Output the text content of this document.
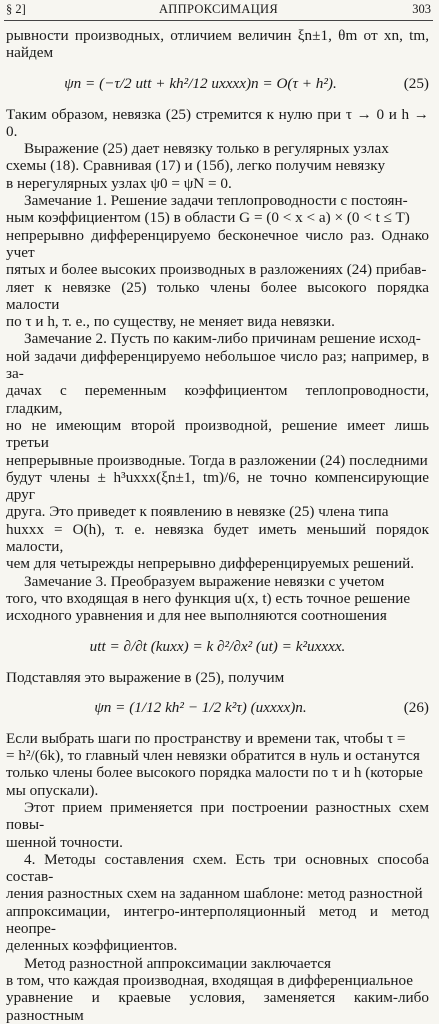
§ 2]	АППРОКСИМАЦИЯ	303

рывности производных, отличием величин ξn±1, θm от xn, tm, найдем

ψn = (−τ/2 utt + kh²/12 uxxxx)n = O(τ + h²).	(25)

Таким образом, невязка (25) стремится к нулю при τ → 0 и h → 0.

Выражение (25) дает невязку только в регулярных узлах

схемы (18). Сравнивая (17) и (15б), легко получим невязку

в нерегулярных узлах ψ0 = ψN = 0.

Замечание 1. Решение задачи теплопроводности с постоян-

ным коэффициентом (15) в области G = (0 < x < a) × (0 < t ≤ T)

непрерывно дифференцируемо бесконечное число раз. Однако учет

пятых и более высоких производных в разложениях (24) прибав-

ляет к невязке (25) только члены более высокого порядка малости

по τ и h, т. е., по существу, не меняет вида невязки.

Замечание 2. Пусть по каким-либо причинам решение исход-

ной задачи дифференцируемо небольшое число раз; например, в за-

дачах с переменным коэффициентом теплопроводности, гладким,

но не имеющим второй производной, решение имеет лишь третьи

непрерывные производные. Тогда в разложении (24) последними

будут члены ± h³uxxx(ξn±1, tm)/6, не точно компенсирующие друг

друга. Это приведет к появлению в невязке (25) члена типа

huxxx = O(h), т. е. невязка будет иметь меньший порядок малости,

чем для четырежды непрерывно дифференцируемых решений.

Замечание 3. Преобразуем выражение невязки с учетом

того, что входящая в него функция u(x, t) есть точное решение

исходного уравнения и для нее выполняются соотношения

utt = ∂/∂t (kuxx) = k ∂²/∂x² (ut) = k²uxxxx.

Подставляя это выражение в (25), получим

ψn = (1/12 kh² − 1/2 k²τ) (uxxxx)n.	(26)

Если выбрать шаги по пространству и времени так, чтобы τ =

= h²/(6k), то главный член невязки обратится в нуль и останутся

только члены более высокого порядка малости по τ и h (которые

мы опускали).

Этот прием применяется при построении разностных схем повы-

шенной точности.

4. Методы составления схем. Есть три основных способа состав-

ления разностных схем на заданном шаблоне: метод разностной

аппроксимации, интегро-интерполяционный метод и метод неопре-

деленных коэффициентов.

Метод разностной аппроксимации заключается

в том, что каждая производная, входящая в дифференциальное

уравнение и краевые условия, заменяется каким-либо разностным
